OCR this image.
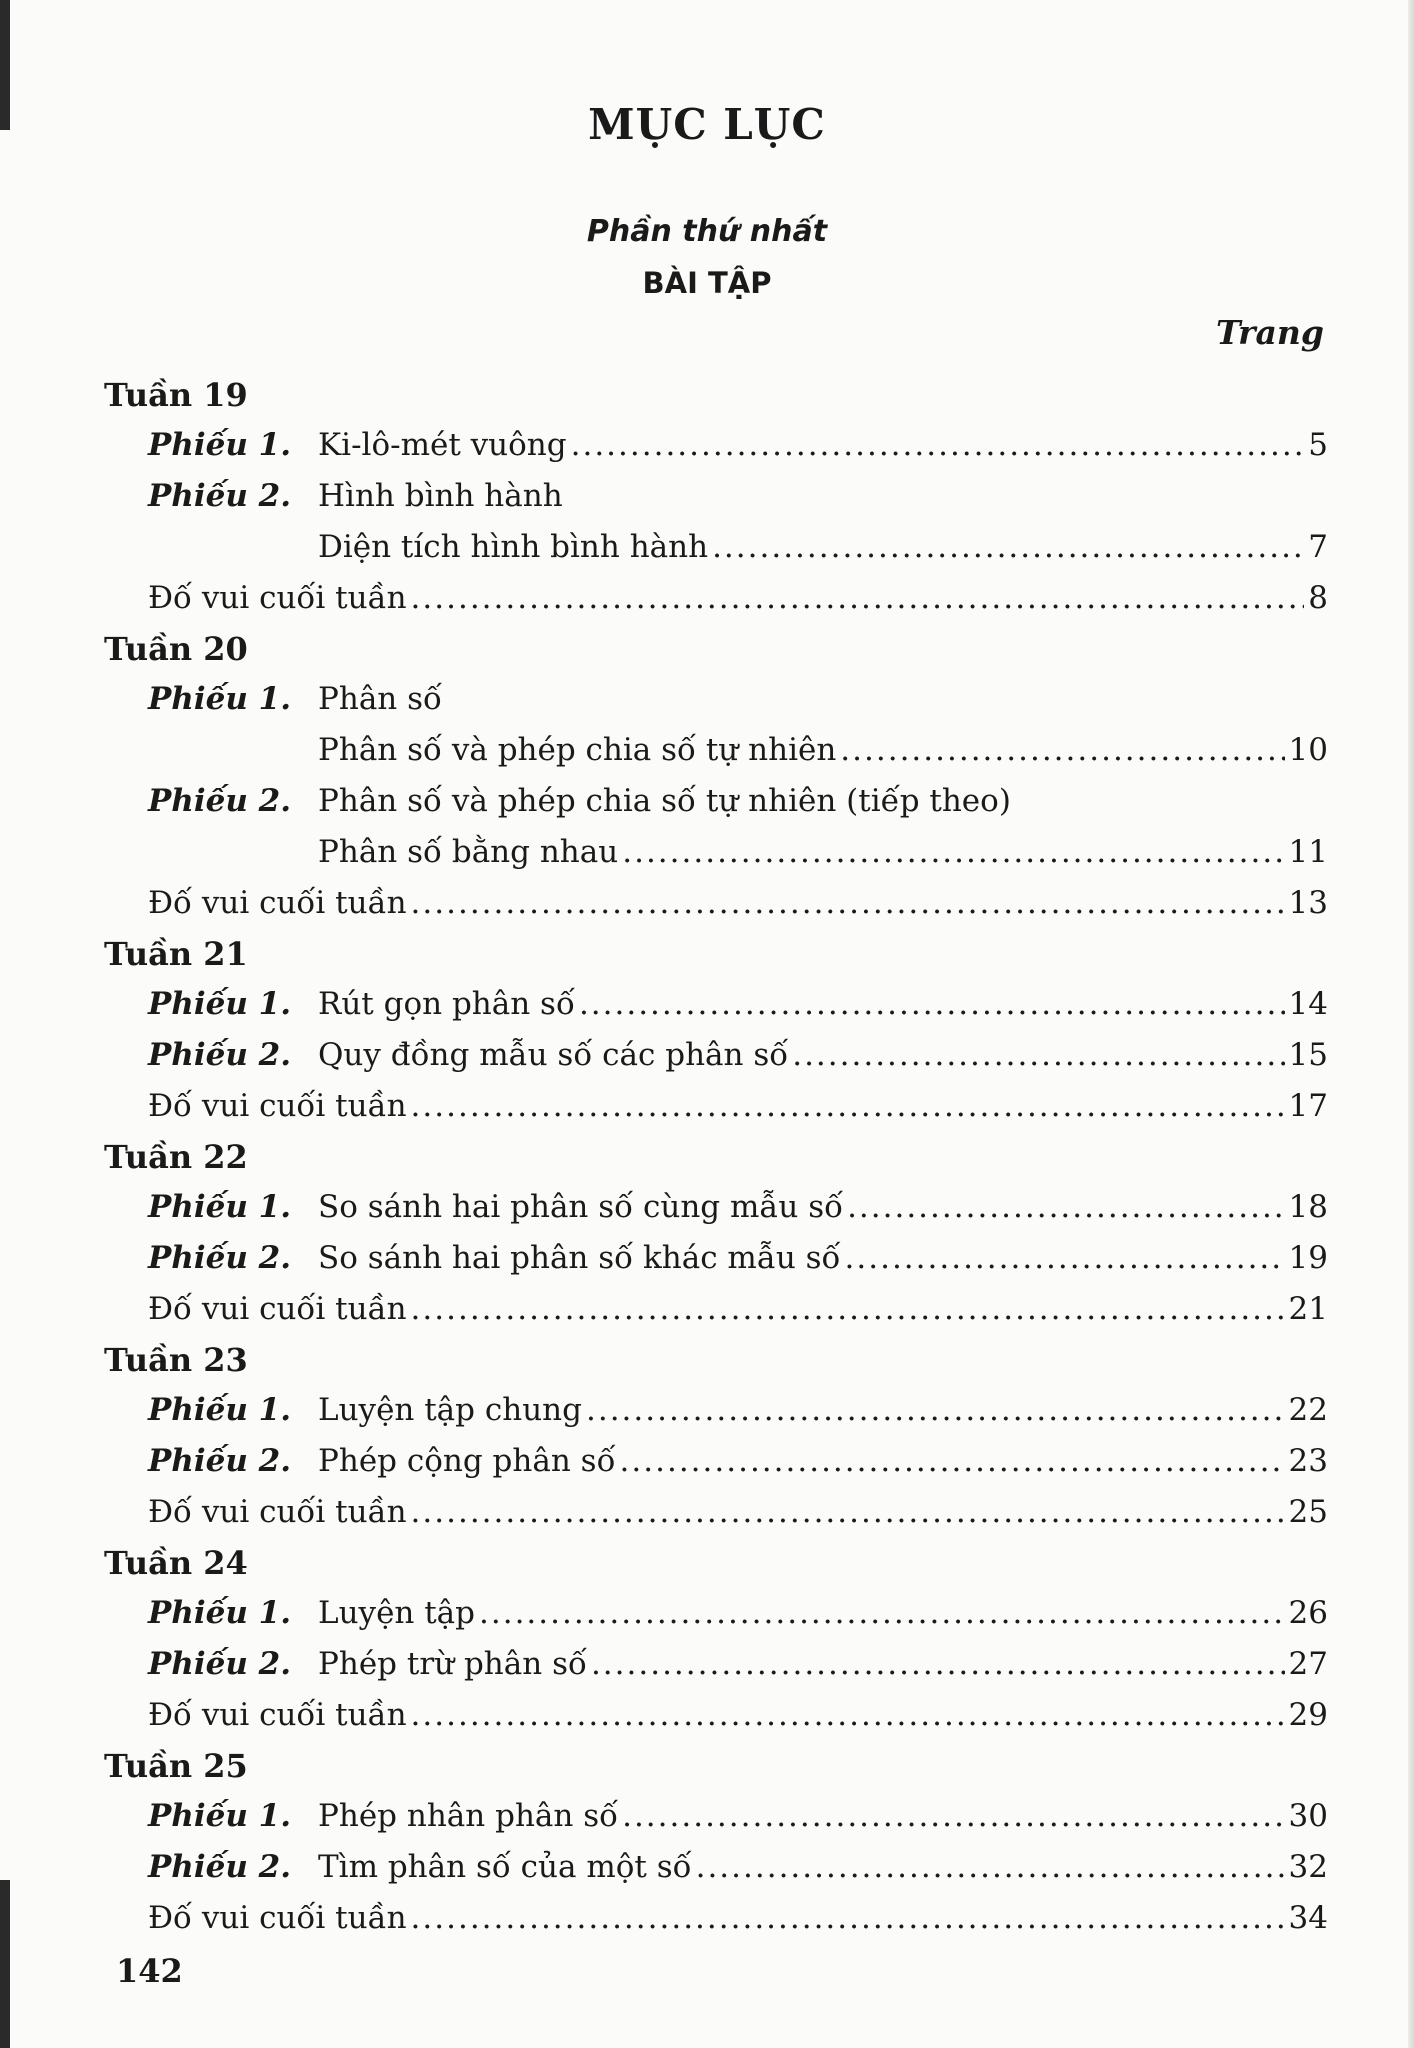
MỤC LỤC
Phần thứ nhất
BÀI TẬP
Trang
Tuần 19
Phiếu 1. Ki-lô-mét vuông .....	5
Phiếu 2. Hình bình hành
Diện tích hình bình hành .....	7
Đố vui cuối tuần .....	8
Tuần 20
Phiếu 1. Phân số
Phân số và phép chia số tự nhiên .....	10
Phiếu 2. Phân số và phép chia số tự nhiên (tiếp theo)
Phân số bằng nhau .....	11
Đố vui cuối tuần .....	13
Tuần 21
Phiếu 1. Rút gọn phân số .....	14
Phiếu 2. Quy đồng mẫu số các phân số .....	15
Đố vui cuối tuần .....	17
Tuần 22
Phiếu 1. So sánh hai phân số cùng mẫu số .....	18
Phiếu 2. So sánh hai phân số khác mẫu số .....	19
Đố vui cuối tuần .....	21
Tuần 23
Phiếu 1. Luyện tập chung .....	22
Phiếu 2. Phép cộng phân số .....	23
Đố vui cuối tuần .....	25
Tuần 24
Phiếu 1. Luyện tập .....	26
Phiếu 2. Phép trừ phân số .....	27
Đố vui cuối tuần .....	29
Tuần 25
Phiếu 1. Phép nhân phân số .....	30
Phiếu 2. Tìm phân số của một số .....	32
Đố vui cuối tuần .....	34
142
